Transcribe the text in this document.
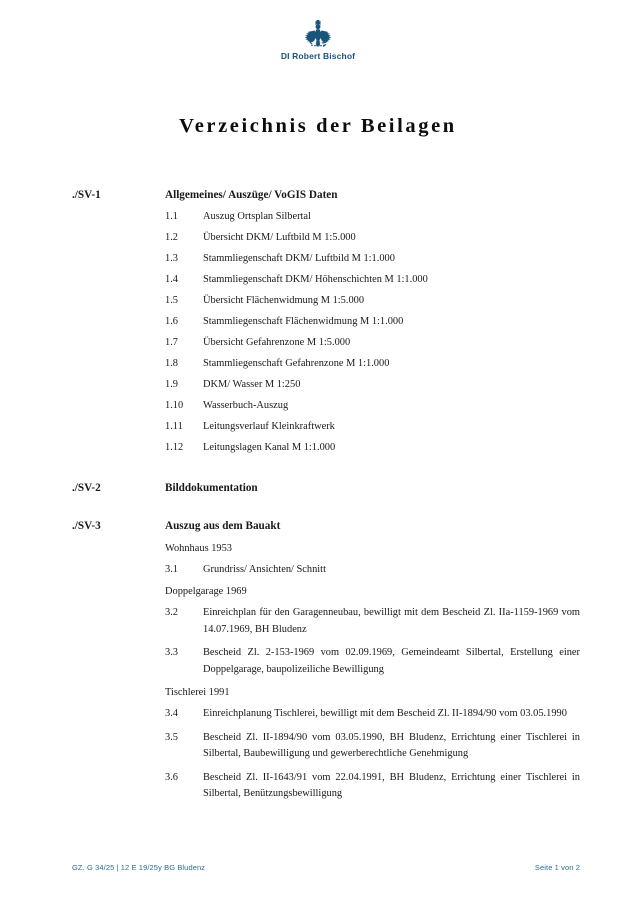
DI Robert Bischof
Verzeichnis der Beilagen
./SV-1	Allgemeines/ Auszüge/ VoGIS Daten
1.1	Auszug Ortsplan Silbertal
1.2	Übersicht DKM/ Luftbild M 1:5.000
1.3	Stammliegenschaft DKM/ Luftbild M 1:1.000
1.4	Stammliegenschaft DKM/ Höhenschichten M 1:1.000
1.5	Übersicht Flächenwidmung M 1:5.000
1.6	Stammliegenschaft Flächenwidmung M 1:1.000
1.7	Übersicht Gefahrenzone M 1:5.000
1.8	Stammliegenschaft Gefahrenzone M 1:1.000
1.9	DKM/ Wasser M 1:250
1.10	Wasserbuch-Auszug
1.11	Leitungsverlauf Kleinkraftwerk
1.12	Leitungslagen Kanal M 1:1.000
./SV-2	Bilddokumentation
./SV-3	Auszug aus dem Bauakt
Wohnhaus 1953
3.1	Grundriss/ Ansichten/ Schnitt
Doppelgarage 1969
3.2	Einreichplan für den Garagenneubau, bewilligt mit dem Bescheid Zl. IIa-1159-1969 vom 14.07.1969, BH Bludenz
3.3	Bescheid Zl. 2-153-1969 vom 02.09.1969, Gemeindeamt Silbertal, Erstellung einer Doppelgarage, baupolizeiliche Bewilligung
Tischlerei 1991
3.4	Einreichplanung Tischlerei, bewilligt mit dem Bescheid Zl. II-1894/90 vom 03.05.1990
3.5	Bescheid Zl. II-1894/90 vom 03.05.1990, BH Bludenz, Errichtung einer Tischlerei in Silbertal, Baubewilligung und gewerberechtliche Genehmigung
3.6	Bescheid Zl. II-1643/91 vom 22.04.1991, BH Bludenz, Errichtung einer Tischlerei in Silbertal, Benützungsbewilligung
GZ. G 34/25 | 12 E 19/25y BG Bludenz	Seite 1 von 2
